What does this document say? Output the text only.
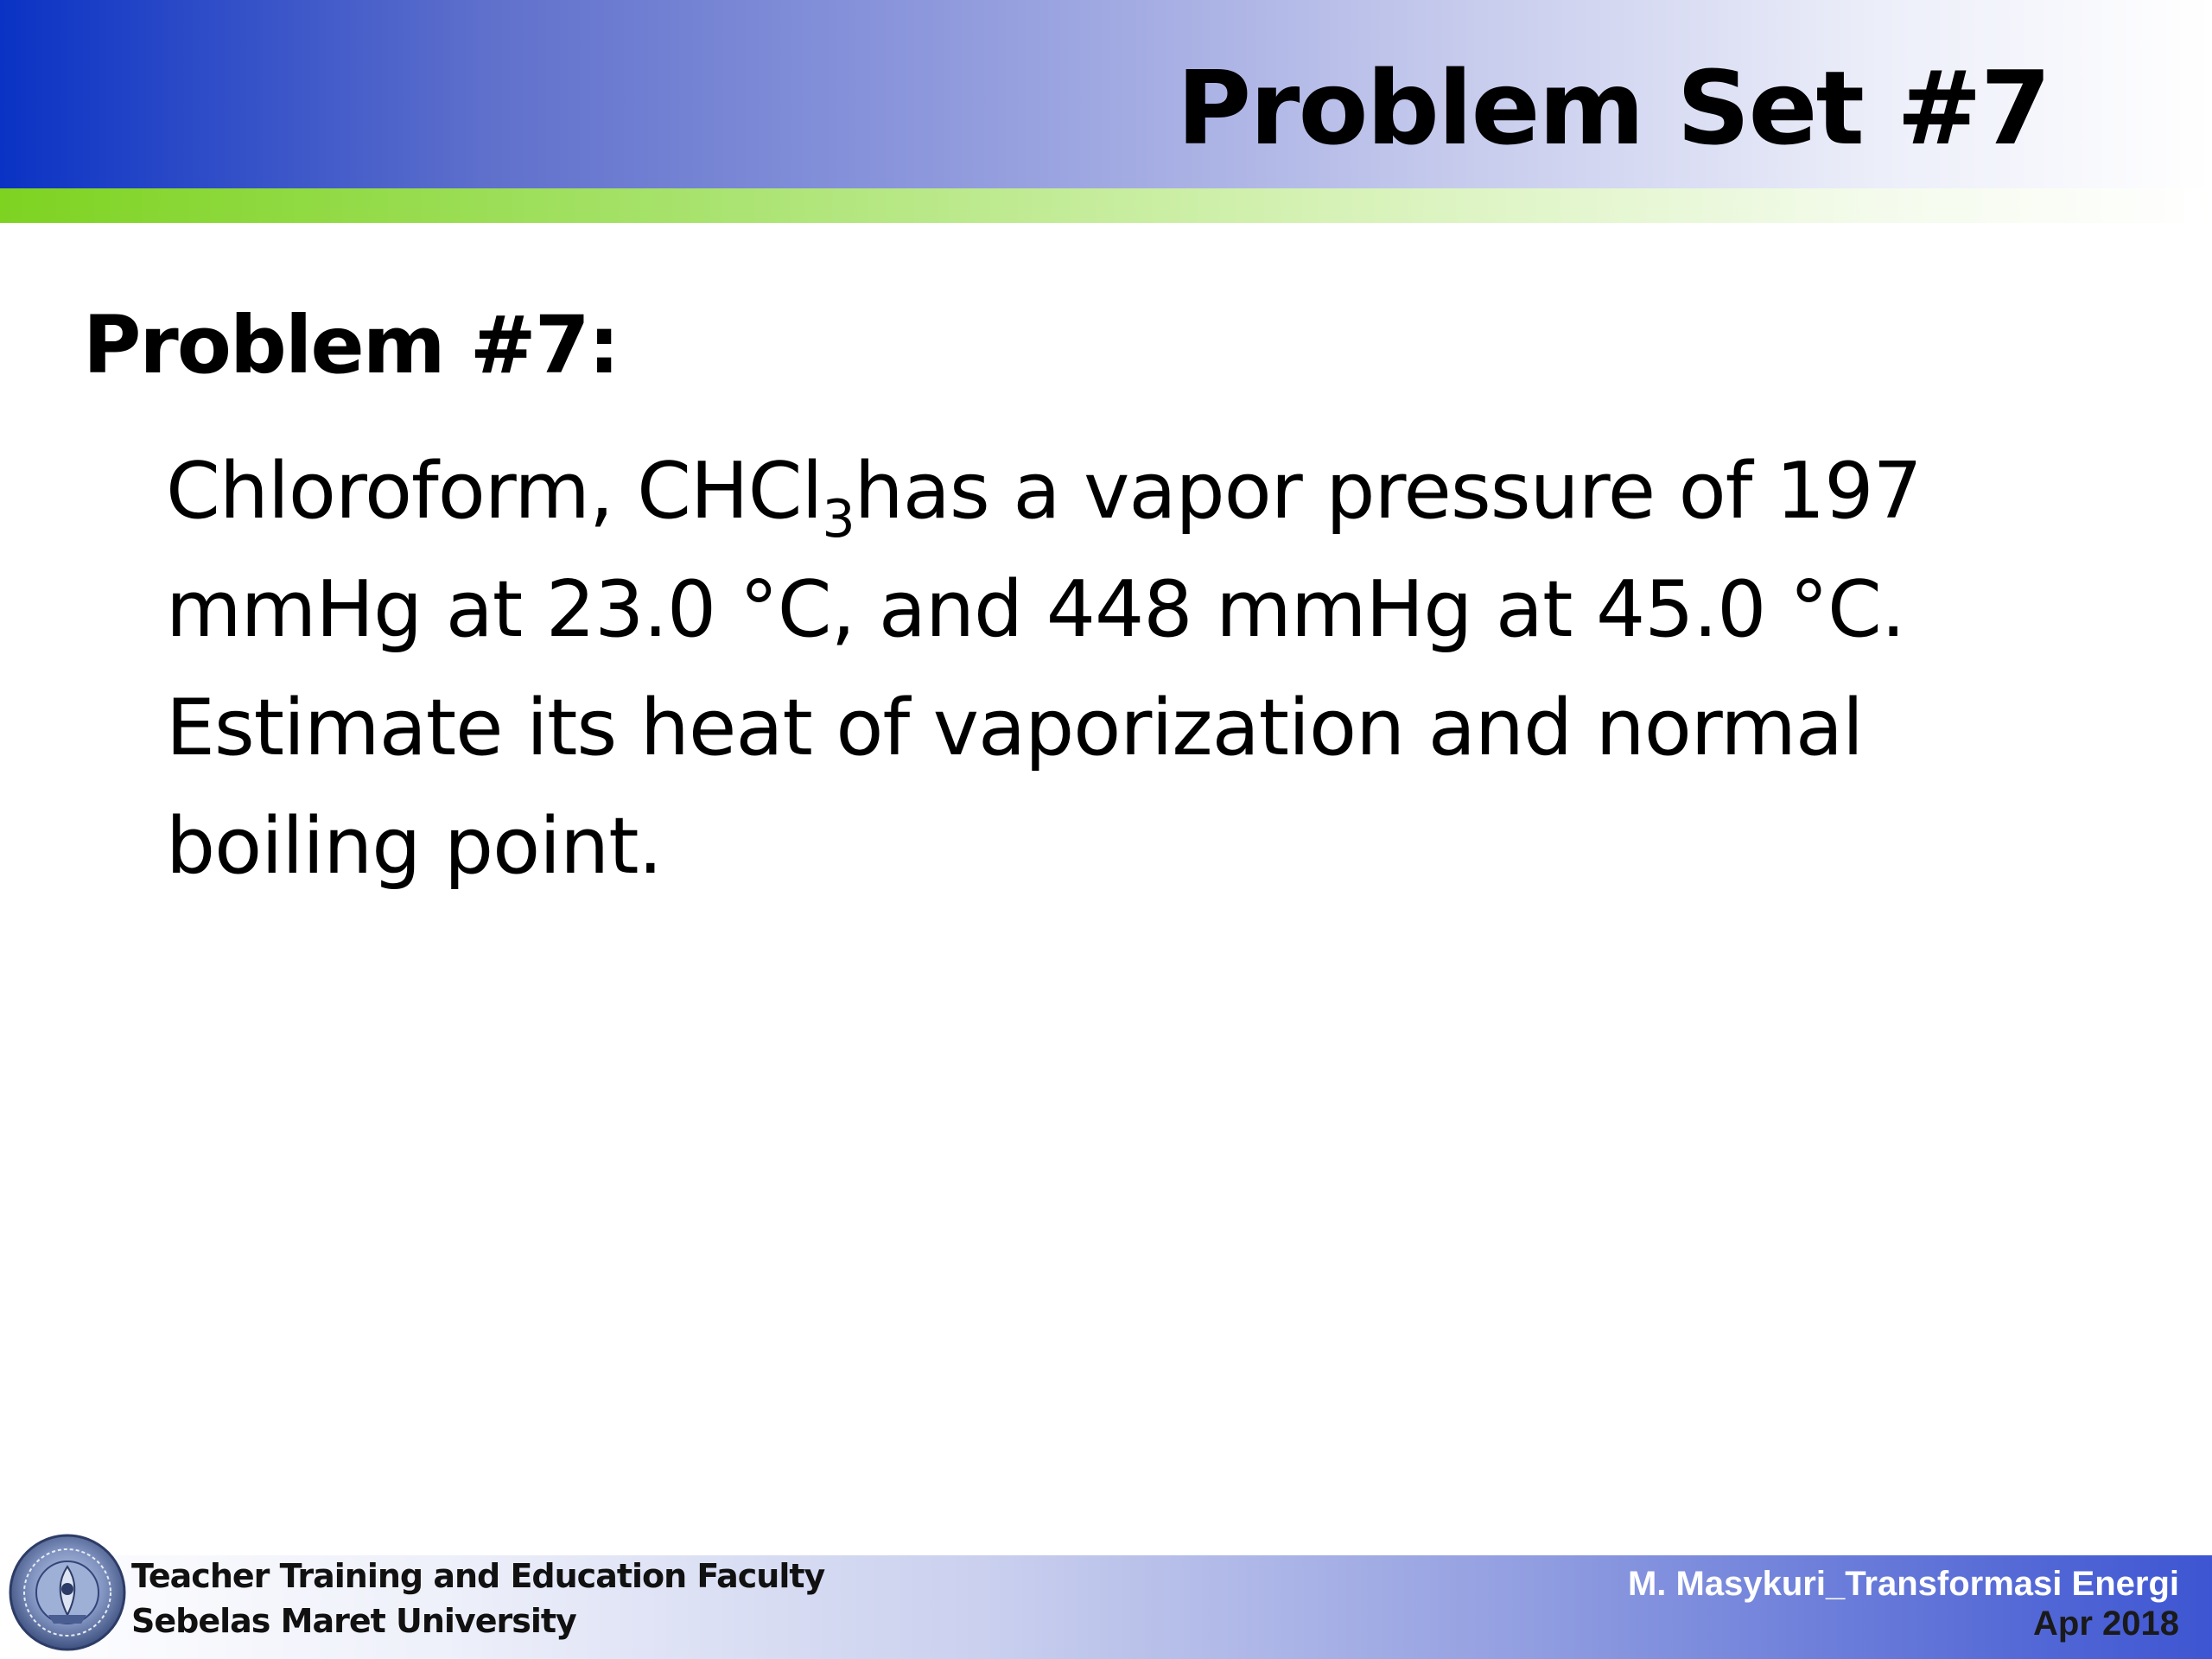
Problem Set #7
Problem #7:
Chloroform, CHCl$_3$has a vapor pressure of 197
mmHg at 23.0 °C, and 448 mmHg at 45.0 °C.
Estimate its heat of vaporization and normal
boiling point.
Teacher Training and Education Faculty
Sebelas Maret University
M. Masykuri_Transformasi Energi
Apr 2018
